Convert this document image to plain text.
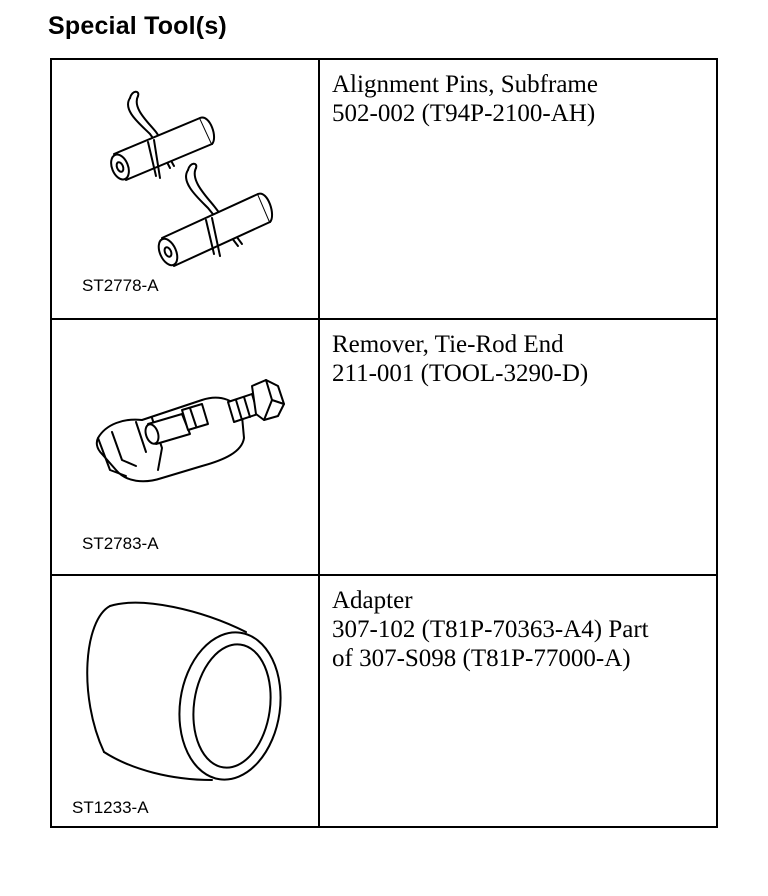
Special Tool(s)
ST2778-A
Alignment Pins, Subframe
502-002 (T94P-2100-AH)
ST2783-A
Remover, Tie-Rod End
211-001 (TOOL-3290-D)
ST1233-A
Adapter
307-102 (T81P-70363-A4) Part
of 307-S098 (T81P-77000-A)
